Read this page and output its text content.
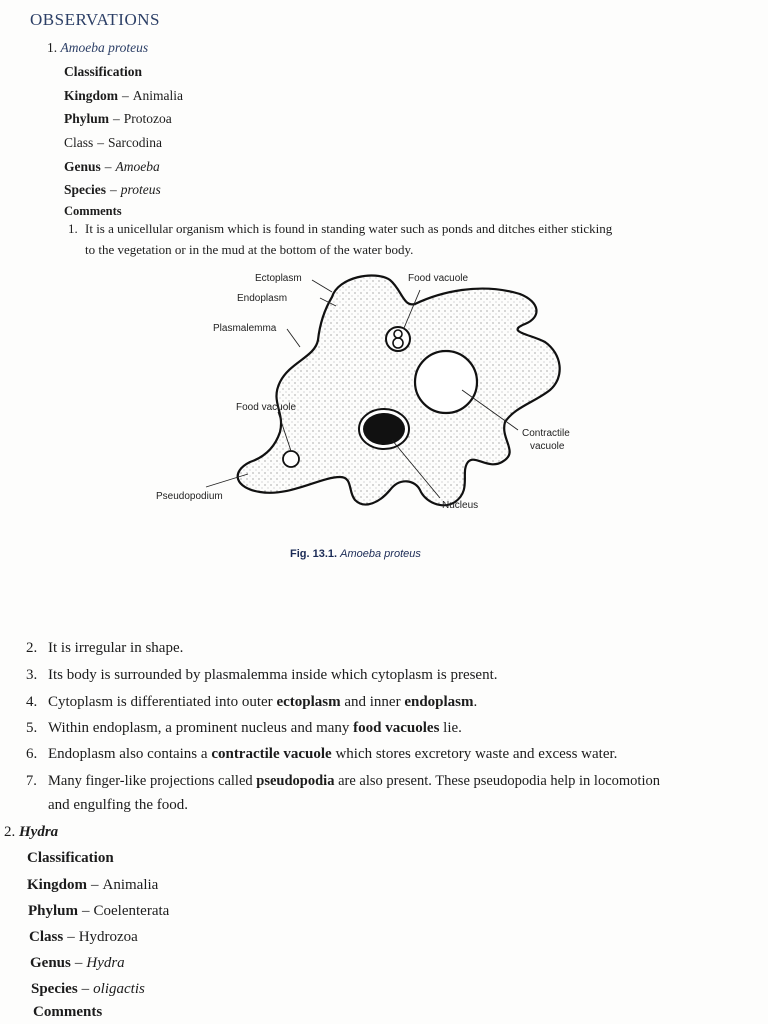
OBSERVATIONS
1. Amoeba proteus
Classification
Kingdom – Animalia
Phylum – Protozoa
Class – Sarcodina
Genus – Amoeba
Species – proteus
Comments
1. It is a unicellular organism which is found in standing water such as ponds and ditches either sticking
to the vegetation or in the mud at the bottom of the water body.
Ectoplasm
Endoplasm
Plasmalemma
Food vacuole
Contractile
vacuole
Food vacuole
Pseudopodium
Nucleus
Fig. 13.1. Amoeba proteus
2. It is irregular in shape.
3. Its body is surrounded by plasmalemma inside which cytoplasm is present.
4. Cytoplasm is differentiated into outer ectoplasm and inner endoplasm.
5. Within endoplasm, a prominent nucleus and many food vacuoles lie.
6. Endoplasm also contains a contractile vacuole which stores excretory waste and excess water.
7. Many finger-like projections called pseudopodia are also present. These pseudopodia help in locomotion
and engulfing the food.
2. Hydra
Classification
Kingdom – Animalia
Phylum – Coelenterata
Class – Hydrozoa
Genus – Hydra
Species – oligactis
Comments
